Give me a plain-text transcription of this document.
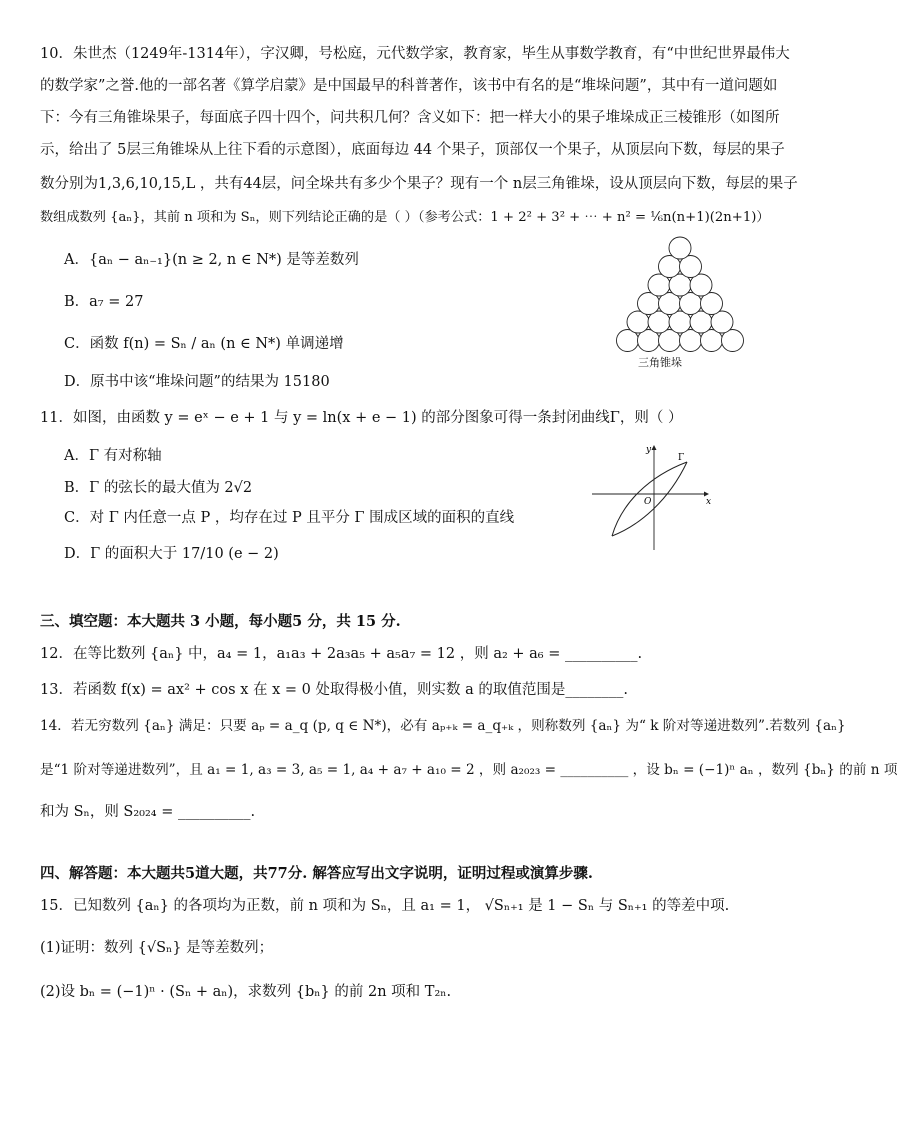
10．朱世杰（1249年-1314年），字汉卿，号松庭，元代数学家，教育家，毕生从事数学教育，有“中世纪世界最伟大
的数学家”之誉.他的一部名著《算学启蒙》是中国最早的科普著作，该书中有名的是“堆垛问题”，其中有一道问题如
下：今有三角锥垛果子，每面底子四十四个，问共积几何？含义如下：把一样大小的果子堆垛成正三棱锥形（如图所
示，给出了 5层三角锥垛从上往下看的示意图），底面每边 44 个果子，顶部仅一个果子，从顶层向下数，每层的果子
数分别为1,3,6,10,15,L ，共有44层，问全垛共有多少个果子？现有一个 n层三角锥垛，设从顶层向下数，每层的果子
数组成数列 {aₙ}，其前 n 项和为 Sₙ，则下列结论正确的是（ ）（参考公式：1 + 2² + 3² + ⋯ + n² = ⅙n(n+1)(2n+1)）
A．{aₙ − aₙ₋₁}(n ≥ 2, n ∈ N*) 是等差数列
B．a₇ = 27
C．函数 f(n) = Sₙ / aₙ (n ∈ N*) 单调递增
D．原书中该“堆垛问题”的结果为 15180
三角锥垛
11．如图，由函数 y = eˣ − e + 1 与 y = ln(x + e − 1) 的部分图象可得一条封闭曲线Γ，则（ ）
A．Γ 有对称轴
B．Γ 的弦长的最大值为 2√2
C．对 Γ 内任意一点 P ，均存在过 P 且平分 Γ 围成区域的面积的直线
D．Γ 的面积大于 17/10 (e − 2)
y
x
O
Γ
三、填空题：本大题共 3 小题，每小题5 分，共 15 分.
12．在等比数列 {aₙ} 中，a₄ = 1，a₁a₃ + 2a₃a₅ + a₅a₇ = 12 ，则 a₂ + a₆ = __________.
13．若函数 f(x) = ax² + cos x 在 x = 0 处取得极小值，则实数 a 的取值范围是________.
14．若无穷数列 {aₙ} 满足：只要 aₚ = a_q (p, q ∈ N*)，必有 aₚ₊ₖ = a_q₊ₖ ，则称数列 {aₙ} 为“ k 阶对等递进数列”.若数列 {aₙ}
是“1 阶对等递进数列”，且 a₁ = 1, a₃ = 3, a₅ = 1, a₄ + a₇ + a₁₀ = 2 ，则 a₂₀₂₃ = __________ ，设 bₙ = (−1)ⁿ aₙ ，数列 {bₙ} 的前 n 项
和为 Sₙ，则 S₂₀₂₄ = __________.
四、解答题：本大题共5道大题，共77分. 解答应写出文字说明，证明过程或演算步骤.
15．已知数列 {aₙ} 的各项均为正数，前 n 项和为 Sₙ，且 a₁ = 1， √Sₙ₊₁ 是 1 − Sₙ 与 Sₙ₊₁ 的等差中项.
(1)证明：数列 {√Sₙ} 是等差数列；
(2)设 bₙ = (−1)ⁿ · (Sₙ + aₙ)，求数列 {bₙ} 的前 2n 项和 T₂ₙ.
